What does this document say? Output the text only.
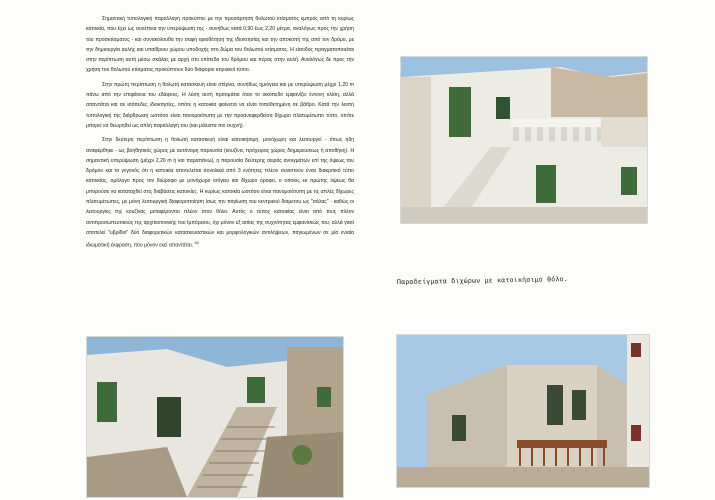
Σημαντική τυπολογική παραλλαγή προκύπτει με την προσάρτηση θολωτού κτίσματος εμπρός από τη κυρίως κατοικία, που έχει ως συνέπεια την υπερύψωσή της - συνήθως κατά 0,90 έως 2,20 μέτρα, αναλόγως προς την χρήση του προσκτίσματος - και συνακόλουθα την σαφή οριοθέτηση της ιδιοκτησίας και την αποκοπή της από τον δρόμο, με την δημιουργία αυλής και υπαίθριου χώρου υποδοχής στο δώμα του θολωτού κτίσματος. Η είσοδος πραγματοποιείται στην περίπτωση αυτή μέσω σκάλας με αρχή στο επίπεδο του δρόμου και πέρας στην αυλή. Αναλόγως δε προς την χρήση του θολωτού κτίσματος προκύπτουν δύο διάφοροι κτιριακοί τύποι.

Στην πρώτη περίπτωση η θολωτή κατασκευή είναι στέρνα, συνήθως ημιόγεια και με υπερύψωση μέχρι 1,20 m πάνω από την επιφάνεια του εδάφους. Η λύση αυτή προτιμάται όταν το οικόπεδο εμφανίζει έντονη κλίση, αλλά απαντάται και σε ισόπεδες ιδιοκτησίες, οπότε η κατοικία φαίνεται να είναι τοποθετημένη σε βάθρο. Κατά την λοιπή τυπολογική της διάρθρωση ωστόσο είναι πανομοιότυπη με την προαναφερθείσα δίχωρο πλατυμέτωπο τύπο, οπότε μπορεί να θεωρηθεί ως απλή παραλλαγή του (και μάλιστα πιο συχνή).

Στην δεύτερη περίπτωση η θολωτή κατασκευή είναι κατοικήσιμη, μονόχωρη και λειτουργεί - όπως ήδη αναφέρθηκε - ως βοηθητικός χώρος με αυτόνομη παρουσία (κουζίνα, πρόχειρος χώρος διημερεύσεως ή αποθήκη). Η σημαντική υπερύψωση (μέχρι 2,20 m ή και παραπάνω), η παρουσία δεύτερης σειράς ανοιγμάτων επί της όψεως του δρόμου και το γεγονός ότι η κατοικία αποτελείται συνολικά από 3 ενότητες πλέον συνιστούν έναν διακριτικό τύπο κατοικίας, ομόλογο προς τον διώροφο με μονόχωρο ισόγειο και δίχωρο όροφο, ο οποίος εκ πρώτης όψεως θα μπορούσε να καταταχθεί στις διαβάσεις κατοικίες. Η κυρίως κατοικία ωστόσο είναι πανομοιότυπη με τις απλές δίχωρες πλατυμέτωπες, με μόνη λειτουργική διαφοροποίηση ίσως την παγίωση του κεντρικού διαμετου ως "σάλας" - καθώς οι λειτουργίες της κουζίνας μεταφέρονται πλέον στον θόλο. Αυτός ο τύπος κατοικίας είναι από τους πλέον αντιπροσωπευτικούς της αρχιτεκτονικής του Ιμπόρειου, όχι μόνον εξ αιτίας της συχνότητας εμφανίσεώς του, αλλά γιατί αποτελεί "υβρίδιο" δύο διαφορετικών κατασκευαστικών και μορφολογικών αντιλήψεων, παγιωμένων σε μία ενιαία ιδιωματική έκφραση, που μόνον εκεί απαντάται. $^{42}$

Παραδείγματα διχώρων με κατοικήσιμο θόλο.
